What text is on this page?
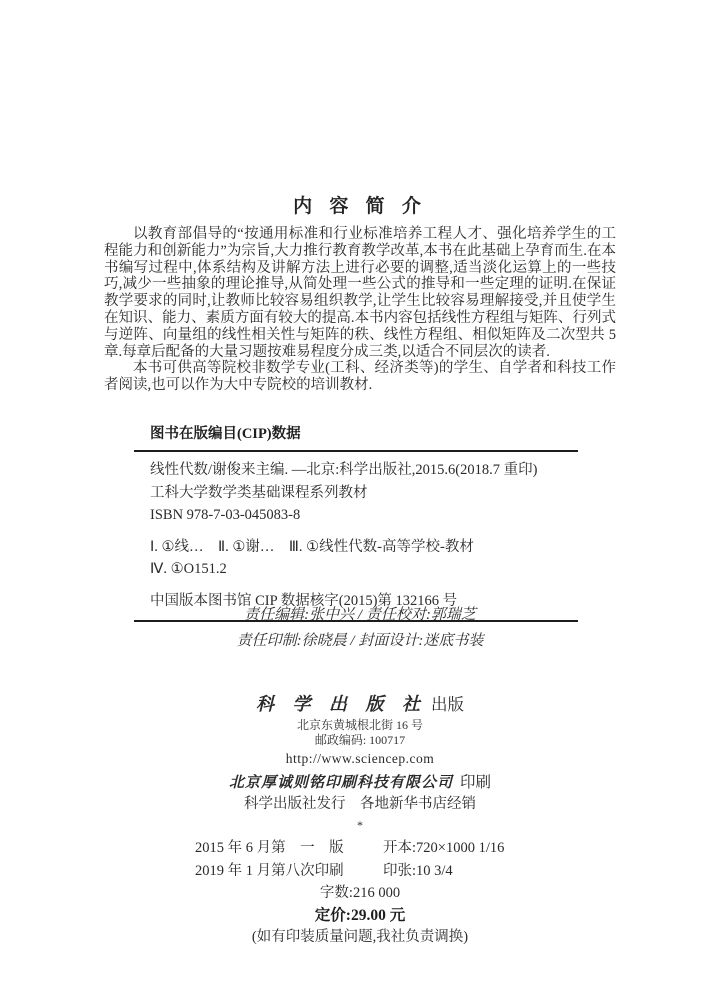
内 容 简 介

以教育部倡导的“按通用标准和行业标准培养工程人才、强化培养学生的工程能力和创新能力”为宗旨,大力推行教育教学改革,本书在此基础上孕育而生.在本书编写过程中,体系结构及讲解方法上进行必要的调整,适当淡化运算上的一些技巧,减少一些抽象的理论推导,从简处理一些公式的推导和一些定理的证明.在保证教学要求的同时,让教师比较容易组织教学,让学生比较容易理解接受,并且使学生在知识、能力、素质方面有较大的提高.本书内容包括线性方程组与矩阵、行列式与逆阵、向量组的线性相关性与矩阵的秩、线性方程组、相似矩阵及二次型共 5 章.每章后配备的大量习题按难易程度分成三类,以适合不同层次的读者.

本书可供高等院校非数学专业(工科、经济类等)的学生、自学者和科技工作者阅读,也可以作为大中专院校的培训教材.

图书在版编目(CIP)数据
线性代数/谢俊来主编. —北京:科学出版社,2015.6(2018.7 重印)
工科大学数学类基础课程系列教材
ISBN 978-7-03-045083-8
Ⅰ. ①线…　Ⅱ. ①谢…　Ⅲ. ①线性代数-高等学校-教材
Ⅳ. ①O151.2
中国版本图书馆 CIP 数据核字(2015)第 132166 号
责任编辑:张中兴 / 责任校对:郭瑞芝
责任印制:徐晓晨 / 封面设计:迷底书装
科 学 出 版 社 出版
北京东黄城根北街 16 号
邮政编码: 100717
http://www.sciencep.com
北京厚诚则铭印刷科技有限公司 印刷
科学出版社发行　各地新华书店经销
*
2015 年 6 月第　一　版	开本:720×1000 1/16
2019 年 1 月第八次印刷	印张:10 3/4
字数:216 000
定价:29.00 元
(如有印装质量问题,我社负责调换)
